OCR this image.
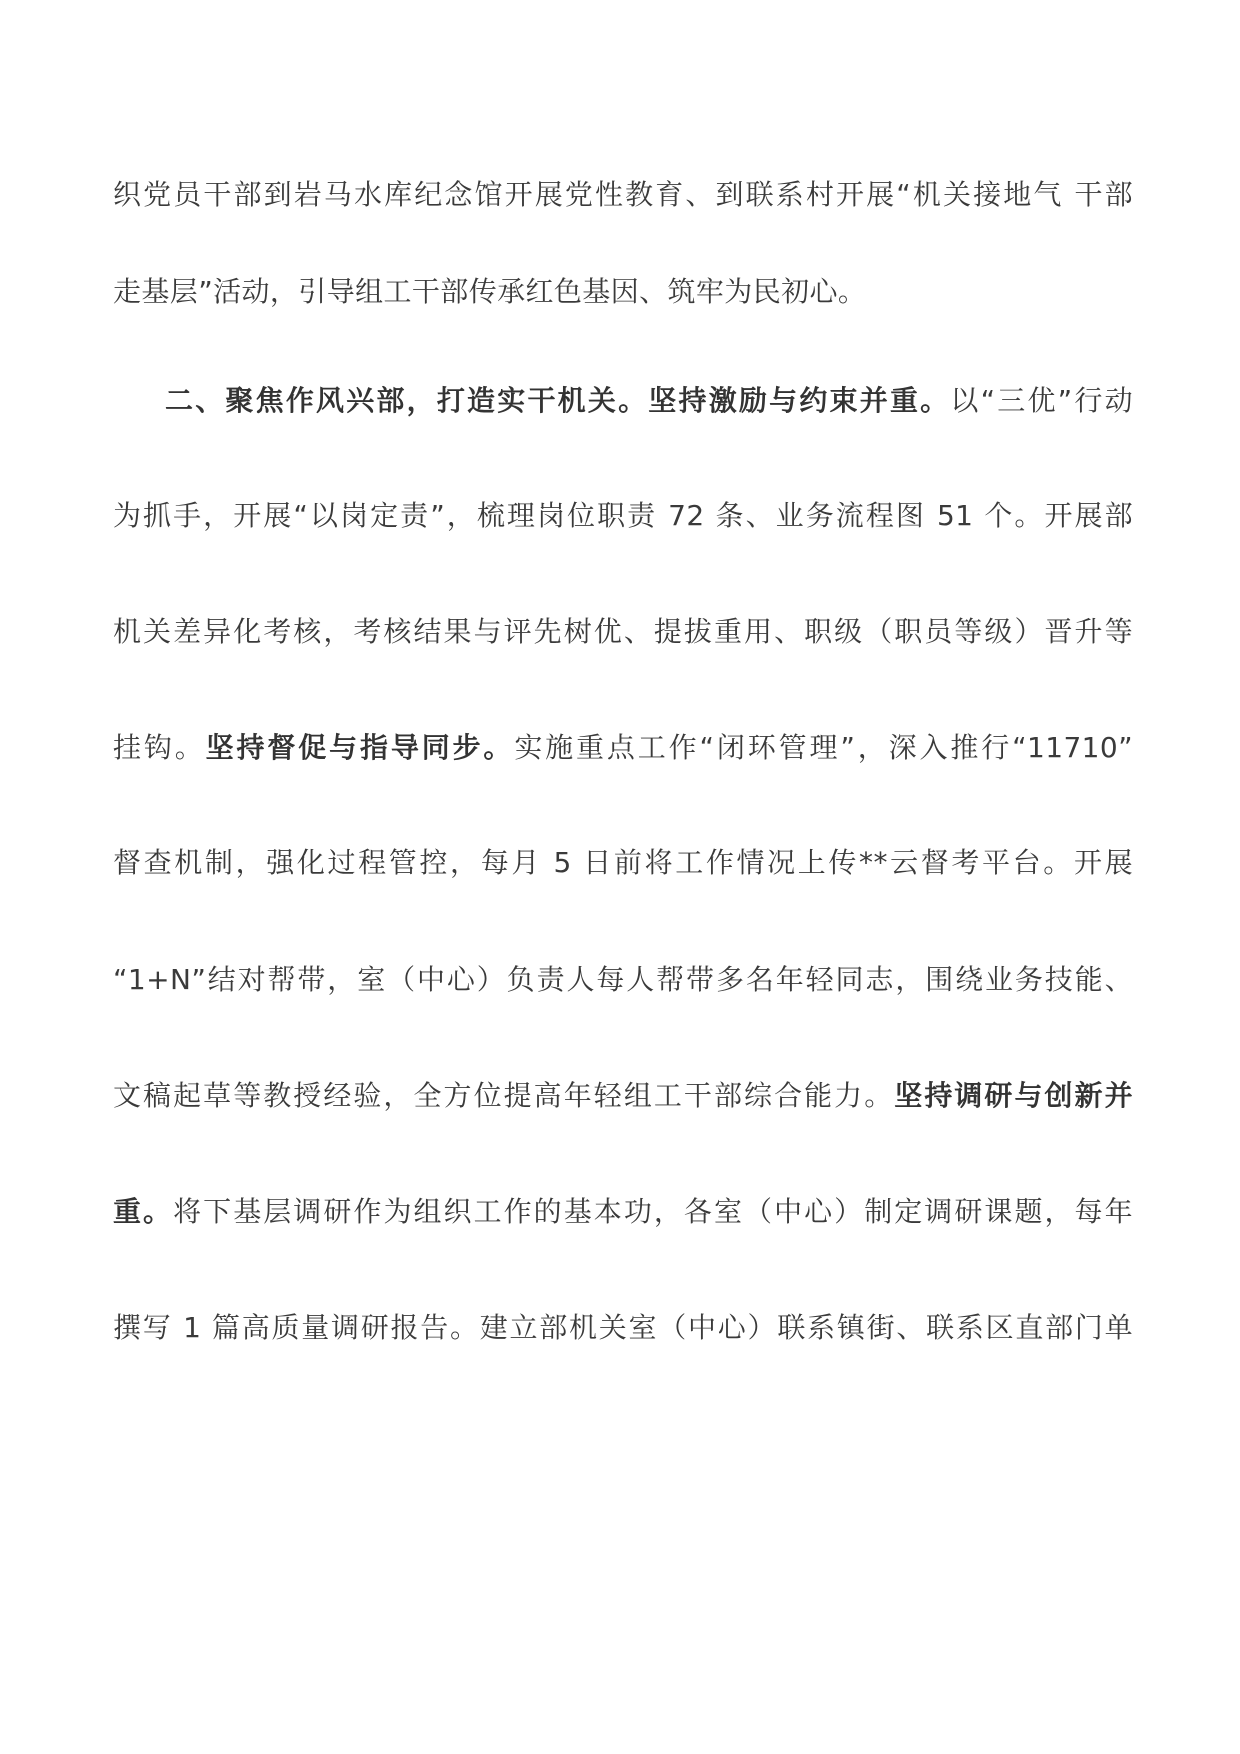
织党员干部到岩马水库纪念馆开展党性教育、到联系村开展“机关接地气 干部
走基层”活动，引导组工干部传承红色基因、筑牢为民初心。
二、聚焦作风兴部，打造实干机关。坚持激励与约束并重。以“三优”行动
为抓手，开展“以岗定责”，梳理岗位职责 72 条、业务流程图 51 个。开展部
机关差异化考核，考核结果与评先树优、提拔重用、职级（职员等级）晋升等
挂钩。坚持督促与指导同步。实施重点工作“闭环管理”，深入推行“11710”
督查机制，强化过程管控，每月 5 日前将工作情况上传**云督考平台。开展
“1+N”结对帮带，室（中心）负责人每人帮带多名年轻同志，围绕业务技能、
文稿起草等教授经验，全方位提高年轻组工干部综合能力。坚持调研与创新并
重。将下基层调研作为组织工作的基本功，各室（中心）制定调研课题，每年
撰写 1 篇高质量调研报告。建立部机关室（中心）联系镇街、联系区直部门单
